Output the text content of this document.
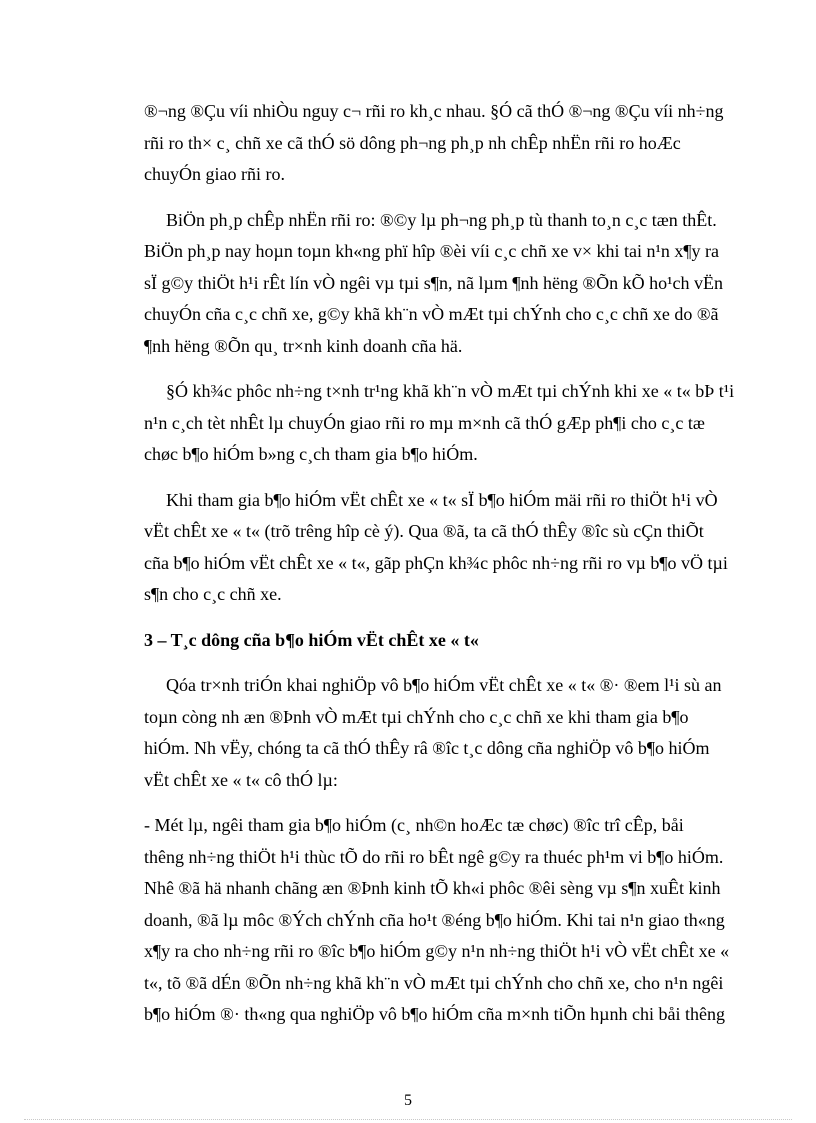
®¬ng ®Çu víi nhiÒu nguy c¬ rñi ro kh¸c nhau. §Ó cã thÓ ®¬ng ®Çu víi nh÷ng
rñi ro th× c¸ chñ xe cã thÓ sö dông ph¬ng ph¸p nh chÊp nhËn rñi ro hoÆc
chuyÓn giao rñi ro.

BiÖn ph¸p chÊp nhËn rñi ro: ®©y lµ ph¬ng ph¸p tù thanh to¸n c¸c tæn thÊt.
BiÖn ph¸p nay hoµn toµn kh«ng phï hîp ®èi víi c¸c chñ xe v× khi tai n¹n x¶y ra
sÏ g©y thiÖt h¹i rÊt lín vÒ ngêi vµ tµi s¶n, nã lµm ¶nh hëng ®Õn kÕ ho¹ch vËn
chuyÓn cña c¸c chñ xe, g©y khã kh¨n vÒ mÆt tµi chÝnh cho c¸c chñ xe do ®ã
¶nh hëng ®Õn qu¸ tr×nh kinh doanh cña hä.

§Ó kh¾c phôc nh÷ng t×nh tr¹ng khã kh¨n vÒ mÆt tµi chÝnh khi xe « t« bÞ t¹i
n¹n c¸ch tèt nhÊt lµ chuyÓn giao rñi ro mµ m×nh cã thÓ gÆp ph¶i cho c¸c tæ
chøc b¶o hiÓm b»ng c¸ch tham gia b¶o hiÓm.

Khi tham gia b¶o hiÓm vËt chÊt xe « t« sÏ b¶o hiÓm mäi rñi ro thiÖt h¹i vÒ
vËt chÊt xe « t« (trõ trêng hîp cè ý). Qua ®ã, ta cã thÓ thÊy ®îc sù cÇn thiÕt
cña b¶o hiÓm vËt chÊt xe « t«, gãp phÇn kh¾c phôc nh÷ng rñi ro vµ b¶o vÖ tµi
s¶n cho c¸c chñ xe.

3 – T¸c dông cña b¶o hiÓm vËt chÊt xe « t«

Qóa tr×nh triÓn khai nghiÖp vô b¶o hiÓm vËt chÊt xe « t« ®· ®em l¹i sù an
toµn còng nh æn ®Þnh vÒ mÆt tµi chÝnh cho c¸c chñ xe khi tham gia b¶o
hiÓm. Nh vËy, chóng ta cã thÓ thÊy râ ®îc t¸c dông cña nghiÖp vô b¶o hiÓm
vËt chÊt xe « t« cô thÓ lµ:

- Mét lµ, ngêi tham gia b¶o hiÓm (c¸ nh©n hoÆc tæ chøc) ®îc trî cÊp, båi
thêng nh÷ng thiÖt h¹i thùc tÕ do rñi ro bÊt ngê g©y ra thuéc ph¹m vi b¶o hiÓm.
Nhê ®ã hä nhanh chãng æn ®Þnh kinh tÕ kh«i phôc ®êi sèng vµ s¶n xuÊt kinh
doanh, ®ã lµ môc ®Ých chÝnh cña ho¹t ®éng b¶o hiÓm. Khi tai n¹n giao th«ng
x¶y ra cho nh÷ng rñi ro ®îc b¶o hiÓm g©y n¹n nh÷ng thiÖt h¹i vÒ vËt chÊt xe «
t«, tõ ®ã dÉn ®Õn nh÷ng khã kh¨n vÒ mÆt tµi chÝnh cho chñ xe, cho n¹n ngêi
b¶o hiÓm ®· th«ng qua nghiÖp vô b¶o hiÓm cña m×nh tiÕn hµnh chi båi thêng

5
